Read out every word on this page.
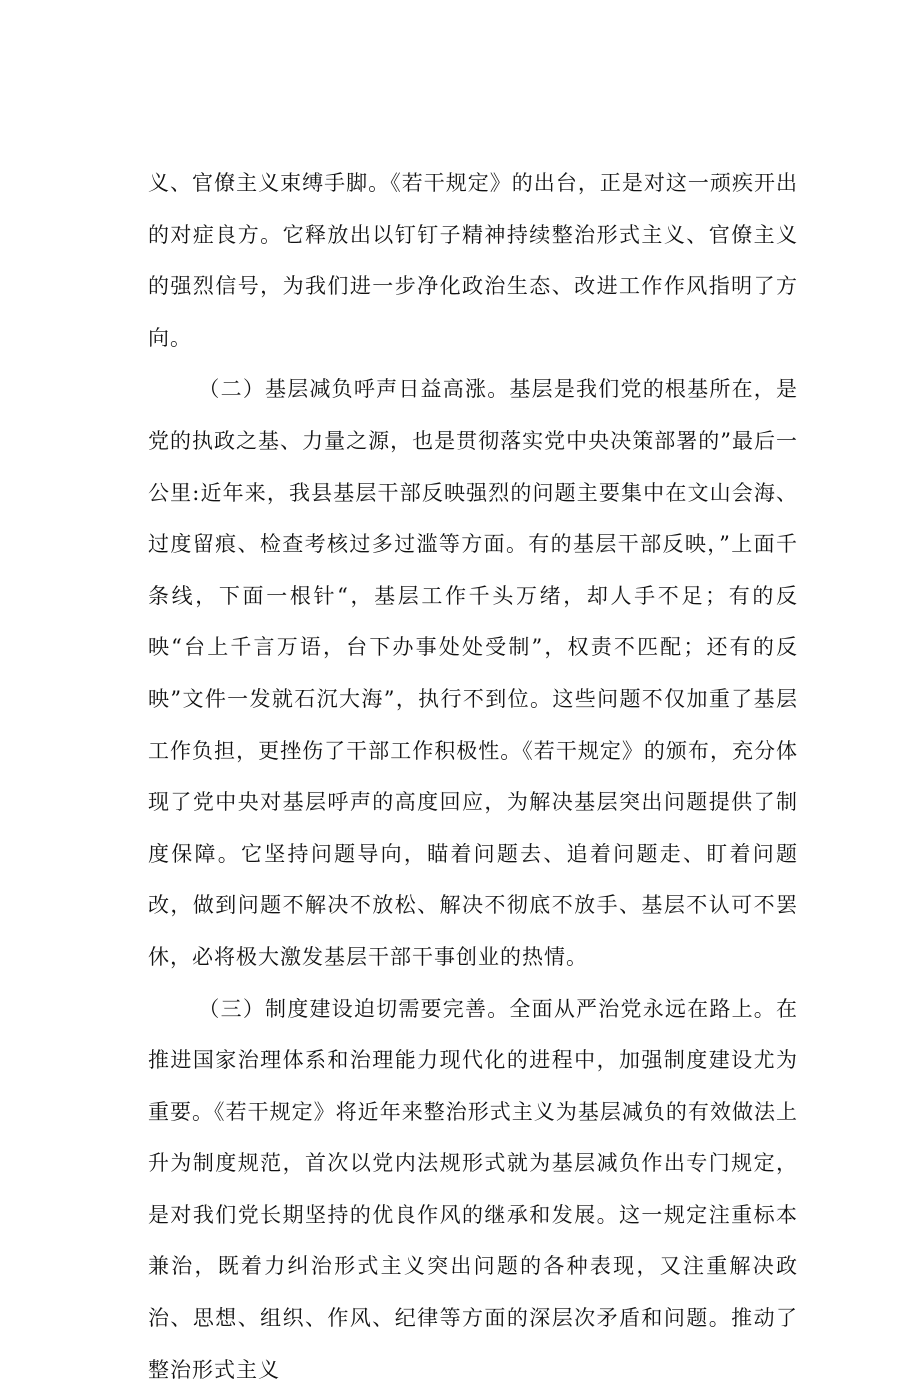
义、官僚主义束缚手脚。《若干规定》的出台，正是对这一顽疾开出的对症良方。它释放出以钉钉子精神持续整治形式主义、官僚主义的强烈信号，为我们进一步净化政治生态、改进工作作风指明了方向。

（二）基层减负呼声日益高涨。基层是我们党的根基所在，是党的执政之基、力量之源，也是贯彻落实党中央决策部署的”最后一公里:近年来，我县基层干部反映强烈的问题主要集中在文山会海、过度留痕、检查考核过多过滥等方面。有的基层干部反映，”上面千条线，下面一根针“，基层工作千头万绪，却人手不足；有的反映“台上千言万语，台下办事处处受制”，权责不匹配；还有的反映”文件一发就石沉大海”，执行不到位。这些问题不仅加重了基层工作负担，更挫伤了干部工作积极性。《若干规定》的颁布，充分体现了党中央对基层呼声的高度回应，为解决基层突出问题提供了制度保障。它坚持问题导向，瞄着问题去、追着问题走、盯着问题改，做到问题不解决不放松、解决不彻底不放手、基层不认可不罢休，必将极大激发基层干部干事创业的热情。

（三）制度建设迫切需要完善。全面从严治党永远在路上。在推进国家治理体系和治理能力现代化的进程中，加强制度建设尤为重要。《若干规定》将近年来整治形式主义为基层减负的有效做法上升为制度规范，首次以党内法规形式就为基层减负作出专门规定，是对我们党长期坚持的优良作风的继承和发展。这一规定注重标本兼治，既着力纠治形式主义突出问题的各种表现，又注重解决政治、思想、组织、作风、纪律等方面的深层次矛盾和问题。推动了整治形式主义
